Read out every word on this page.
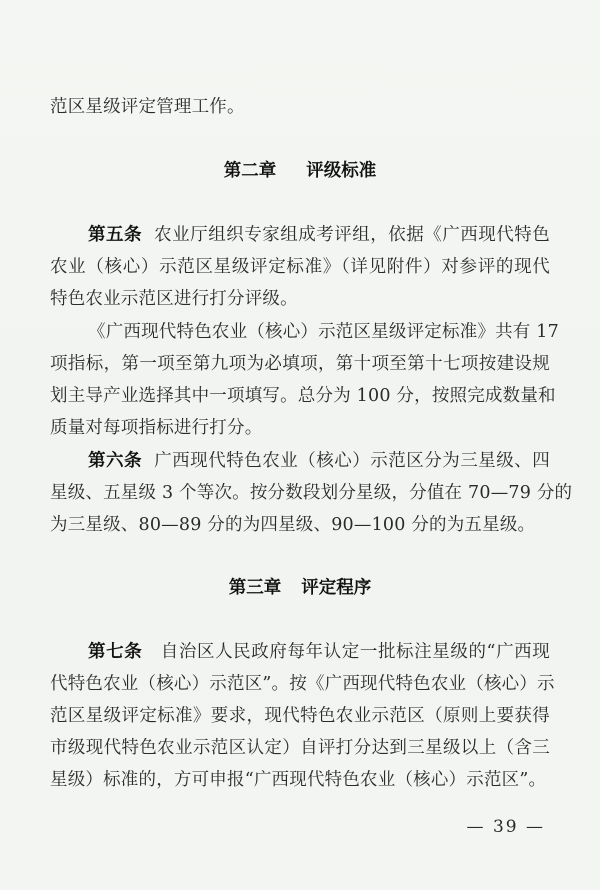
范区星级评定管理工作。
第二章 评级标准
第五条 农业厅组织专家组成考评组，依据《广西现代特色
农业（核心）示范区星级评定标准》（详见附件）对参评的现代
特色农业示范区进行打分评级。
《广西现代特色农业（核心）示范区星级评定标准》共有 17
项指标，第一项至第九项为必填项，第十项至第十七项按建设规
划主导产业选择其中一项填写。总分为 100 分，按照完成数量和
质量对每项指标进行打分。
第六条 广西现代特色农业（核心）示范区分为三星级、四
星级、五星级 3 个等次。按分数段划分星级，分值在 70—79 分的
为三星级、80—89 分的为四星级、90—100 分的为五星级。
第三章 评定程序
第七条 自治区人民政府每年认定一批标注星级的“广西现
代特色农业（核心）示范区”。按《广西现代特色农业（核心）示
范区星级评定标准》要求，现代特色农业示范区（原则上要获得
市级现代特色农业示范区认定）自评打分达到三星级以上（含三
星级）标准的，方可申报“广西现代特色农业（核心）示范区”。
— 39 —
